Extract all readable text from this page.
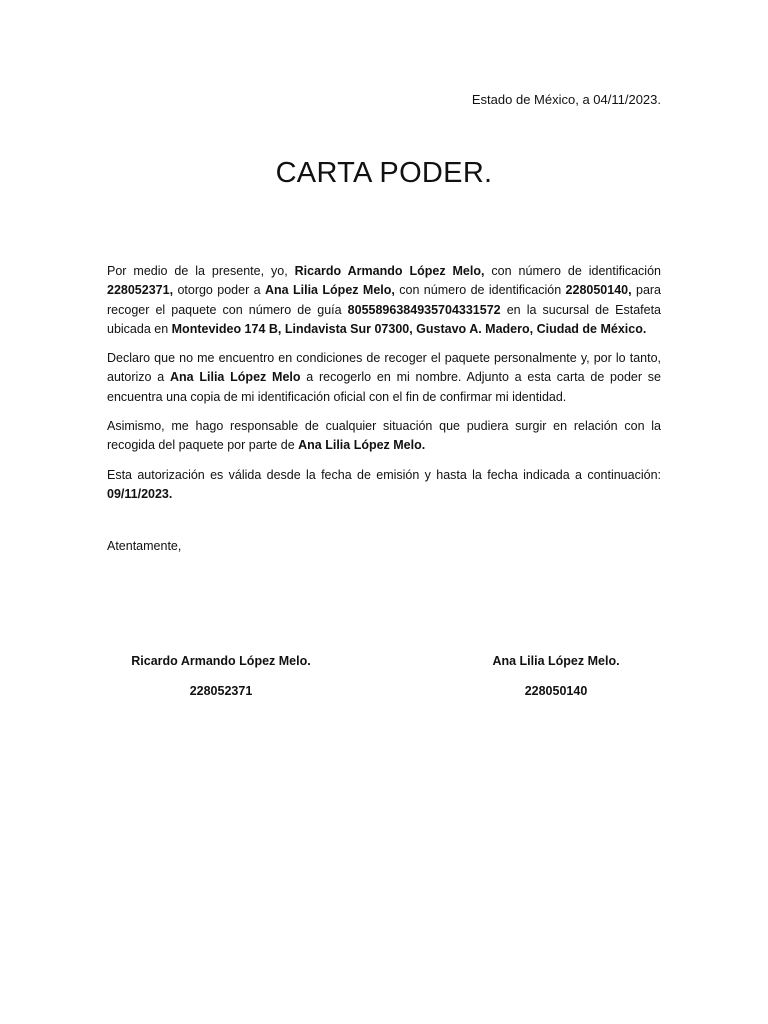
Estado de México, a 04/11/2023.
CARTA PODER.

Por medio de la presente, yo, Ricardo Armando López Melo, con número de identificación 228052371, otorgo poder a Ana Lilia López Melo, con número de identificación 228050140, para recoger el paquete con número de guía 8055896384935704331572 en la sucursal de Estafeta ubicada en Montevideo 174 B, Lindavista Sur 07300, Gustavo A. Madero, Ciudad de México.

Declaro que no me encuentro en condiciones de recoger el paquete personalmente y, por lo tanto, autorizo a Ana Lilia López Melo a recogerlo en mi nombre. Adjunto a esta carta de poder se encuentra una copia de mi identificación oficial con el fin de confirmar mi identidad.

Asimismo, me hago responsable de cualquier situación que pudiera surgir en relación con la recogida del paquete por parte de Ana Lilia López Melo.

Esta autorización es válida desde la fecha de emisión y hasta la fecha indicada a continuación: 09/11/2023.

Atentamente,
Ricardo Armando López Melo.
228052371
Ana Lilia López Melo.
228050140
